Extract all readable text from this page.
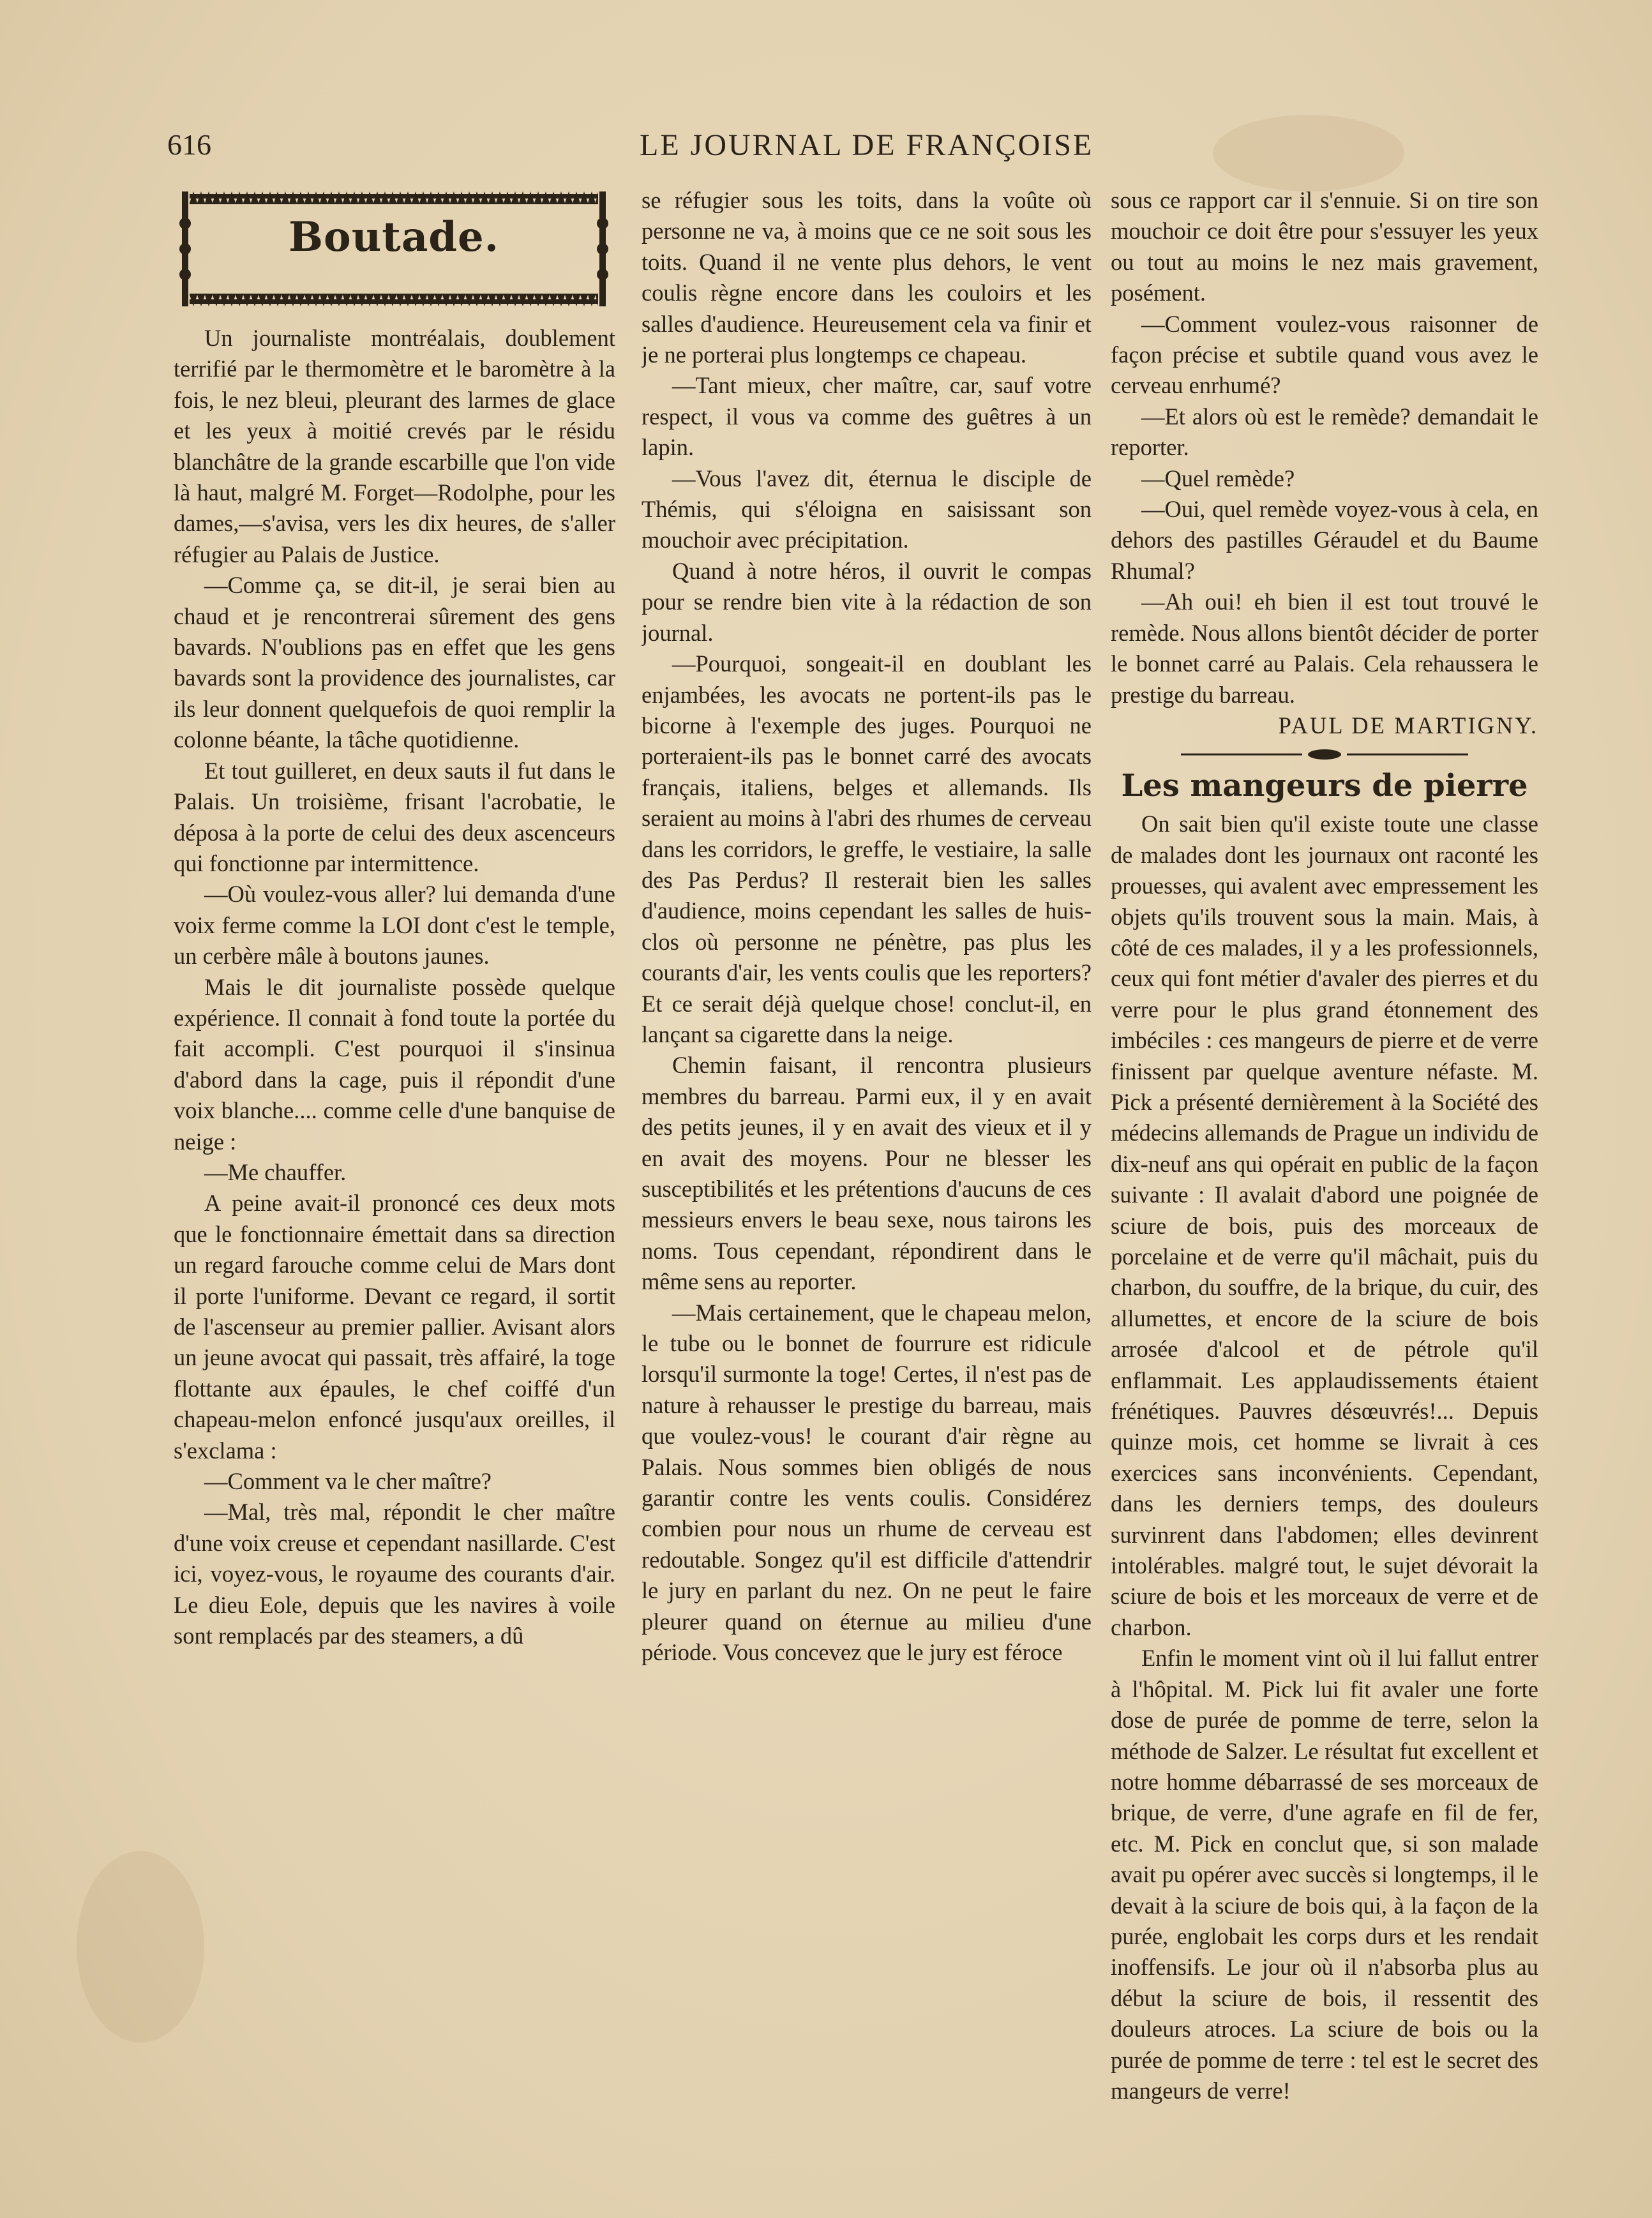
616	LE JOURNAL DE FRANÇOISE
Boutade.

Un journaliste montréalais, doublement terrifié par le thermomètre et le baromètre à la fois, le nez bleui, pleurant des larmes de glace et les yeux à moitié crevés par le résidu blanchâtre de la grande escarbille que l'on vide là haut, malgré M. Forget—Rodolphe, pour les dames,—s'avisa, vers les dix heures, de s'aller réfugier au Palais de Justice.

—Comme ça, se dit-il, je serai bien au chaud et je rencontrerai sûrement des gens bavards. N'oublions pas en effet que les gens bavards sont la providence des journalistes, car ils leur donnent quelquefois de quoi remplir la colonne béante, la tâche quotidienne.

Et tout guilleret, en deux sauts il fut dans le Palais. Un troisième, frisant l'acrobatie, le déposa à la porte de celui des deux ascenceurs qui fonctionne par intermittence.

—Où voulez-vous aller? lui demanda d'une voix ferme comme la LOI dont c'est le temple, un cerbère mâle à boutons jaunes.

Mais le dit journaliste possède quelque expérience. Il connait à fond toute la portée du fait accompli. C'est pourquoi il s'insinua d'abord dans la cage, puis il répondit d'une voix blanche.... comme celle d'une banquise de neige :

—Me chauffer.

A peine avait-il prononcé ces deux mots que le fonctionnaire émettait dans sa direction un regard farouche comme celui de Mars dont il porte l'uniforme. Devant ce regard, il sortit de l'ascenseur au premier pallier. Avisant alors un jeune avocat qui passait, très affairé, la toge flottante aux épaules, le chef coiffé d'un chapeau-melon enfoncé jusqu'aux oreilles, il s'exclama :

—Comment va le cher maître?

—Mal, très mal, répondit le cher maître d'une voix creuse et cependant nasillarde. C'est ici, voyez-vous, le royaume des courants d'air. Le dieu Eole, depuis que les navires à voile sont remplacés par des steamers, a dû

se réfugier sous les toits, dans la voûte où personne ne va, à moins que ce ne soit sous les toits. Quand il ne vente plus dehors, le vent coulis règne encore dans les couloirs et les salles d'audience. Heureusement cela va finir et je ne porterai plus longtemps ce chapeau.

—Tant mieux, cher maître, car, sauf votre respect, il vous va comme des guêtres à un lapin.

—Vous l'avez dit, éternua le disciple de Thémis, qui s'éloigna en saisissant son mouchoir avec précipitation.

Quand à notre héros, il ouvrit le compas pour se rendre bien vite à la rédaction de son journal.

—Pourquoi, songeait-il en doublant les enjambées, les avocats ne portent-ils pas le bicorne à l'exemple des juges. Pourquoi ne porteraient-ils pas le bonnet carré des avocats français, italiens, belges et allemands. Ils seraient au moins à l'abri des rhumes de cerveau dans les corridors, le greffe, le vestiaire, la salle des Pas Perdus? Il resterait bien les salles d'audience, moins cependant les salles de huis-clos où personne ne pénètre, pas plus les courants d'air, les vents coulis que les reporters? Et ce serait déjà quelque chose! conclut-il, en lançant sa cigarette dans la neige.

Chemin faisant, il rencontra plusieurs membres du barreau. Parmi eux, il y en avait des petits jeunes, il y en avait des vieux et il y en avait des moyens. Pour ne blesser les susceptibilités et les prétentions d'aucuns de ces messieurs envers le beau sexe, nous tairons les noms. Tous cependant, répondirent dans le même sens au reporter.

—Mais certainement, que le chapeau melon, le tube ou le bonnet de fourrure est ridicule lorsqu'il surmonte la toge! Certes, il n'est pas de nature à rehausser le prestige du barreau, mais que voulez-vous! le courant d'air règne au Palais. Nous sommes bien obligés de nous garantir contre les vents coulis. Considérez combien pour nous un rhume de cerveau est redoutable. Songez qu'il est difficile d'attendrir le jury en parlant du nez. On ne peut le faire pleurer quand on éternue au milieu d'une période. Vous concevez que le jury est féroce

sous ce rapport car il s'ennuie. Si on tire son mouchoir ce doit être pour s'essuyer les yeux ou tout au moins le nez mais gravement, posément.

—Comment voulez-vous raisonner de façon précise et subtile quand vous avez le cerveau enrhumé?

—Et alors où est le remède? demandait le reporter.

—Quel remède?

—Oui, quel remède voyez-vous à cela, en dehors des pastilles Géraudel et du Baume Rhumal?

—Ah oui! eh bien il est tout trouvé le remède. Nous allons bientôt décider de porter le bonnet carré au Palais. Cela rehaussera le prestige du barreau.

PAUL DE MARTIGNY.

Les mangeurs de pierre

On sait bien qu'il existe toute une classe de malades dont les journaux ont raconté les prouesses, qui avalent avec empressement les objets qu'ils trouvent sous la main. Mais, à côté de ces malades, il y a les professionnels, ceux qui font métier d'avaler des pierres et du verre pour le plus grand étonnement des imbéciles : ces mangeurs de pierre et de verre finissent par quelque aventure néfaste. M. Pick a présenté dernièrement à la Société des médecins allemands de Prague un individu de dix-neuf ans qui opérait en public de la façon suivante : Il avalait d'abord une poignée de sciure de bois, puis des morceaux de porcelaine et de verre qu'il mâchait, puis du charbon, du souffre, de la brique, du cuir, des allumettes, et encore de la sciure de bois arrosée d'alcool et de pétrole qu'il enflammait. Les applaudissements étaient frénétiques. Pauvres désœuvrés!... Depuis quinze mois, cet homme se livrait à ces exercices sans inconvénients. Cependant, dans les derniers temps, des douleurs survinrent dans l'abdomen; elles devinrent intolérables. malgré tout, le sujet dévorait la sciure de bois et les morceaux de verre et de charbon.

Enfin le moment vint où il lui fallut entrer à l'hôpital. M. Pick lui fit avaler une forte dose de purée de pomme de terre, selon la méthode de Salzer. Le résultat fut excellent et notre homme débarrassé de ses morceaux de brique, de verre, d'une agrafe en fil de fer, etc. M. Pick en conclut que, si son malade avait pu opérer avec succès si longtemps, il le devait à la sciure de bois qui, à la façon de la purée, englobait les corps durs et les rendait inoffensifs. Le jour où il n'absorba plus au début la sciure de bois, il ressentit des douleurs atroces. La sciure de bois ou la purée de pomme de terre : tel est le secret des mangeurs de verre!
